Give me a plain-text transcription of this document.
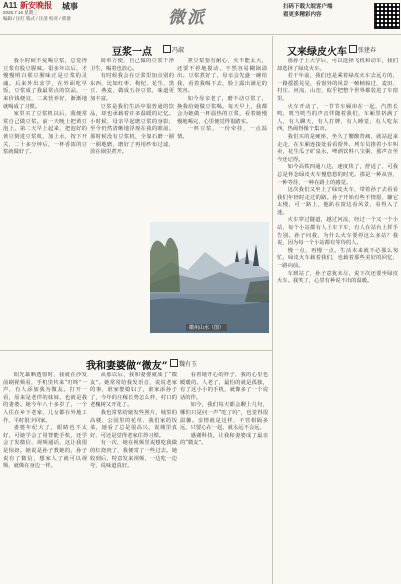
A11 新安晚报 城事
2025.7.16 星期三
编辑 / 汪红 版式 / 汪清 校对 / 邢倩	微派
扫码下载大皖客户端
看更多精彩内容
豆浆一点	冯淑

我小时候不爱喝豆浆，总觉得豆浆有股豆腥味。很多年以后，才慢慢明白那豆腥味正是豆浆的灵魂。后来外出求学，在外面吃早饭，豆浆成了我最常点的饮品，一来价钱便宜，二来营养好，渐渐地就喝成了习惯。

家里买了豆浆机以后，我便常常自己做豆浆。前一天晚上把黄豆泡上，第二天早上起来，把泡好的黄豆倒进豆浆机，加上水，按下开关，二十多分钟后，一杯香浓的豆浆就做好了。

简单方便，自己做的豆浆干净卫生，喝着也放心。

有时候我会在豆浆里加点别的东西，比如红枣、枸杞、花生、黑豆、燕麦，做成五谷豆浆，味道更加丰富。

豆浆是我们生活中很普通的饮品，却也承载着许多温暖的记忆。小时候，母亲早起磨豆浆的身影，至今仍然清晰地浮现在我的眼前。那时候没有豆浆机，全靠石磨一圈一圈地磨，磨好了再用纱布过滤，放在锅里煮开。

煮豆浆要有耐心，火不能太大，还要不停地搅动，不然容易糊锅溢出。豆浆煮好了，母亲会先盛一碗给我，看着我喝下去，脸上露出满足的笑容。

如今母亲老了，磨不动豆浆了，换我给她做豆浆喝。每天早上，我都会为她做一杯温热的豆浆，看着她慢慢地喝完，心里便觉得很踏实。

一杯豆浆，一份牵挂，一点温情。

徽州山水（图）
又来绿皮火车	张建春

那孙子上大学后，可以选择飞机和动车，我们却选择了绿皮火车。

若干年前，我们也是乘着绿皮火车去远方的，一路摇摇晃晃，看窗外的风景一帧帧掠过，麦田、村庄、河流、山峦，似乎把整个世界都装进了车窗里。

火车开动了，一节节车厢串在一起，汽笛长鸣，咣当咣当的声音伴随着我们，车厢里挤满了人，有人聊天，有人打牌，有人睡觉，有人吃东西，热闹得像个集市。

我们买的是硬座，坐久了腰酸背痛，就站起来走走，在车厢连接处看看窗外。列车员推着小车叫卖，花生瓜子矿泉水，啤酒饮料八宝粥，那声音至今还记得。

如今高铁四通八达，速度快了，舒适了，可我总是怀念绿皮火车慢悠悠的时光。那是一种从容，一种等待，一种在路上的感觉。

这次我们又坐上了绿皮火车，带着孙子去看看我们年轻时走过的路。孙子开始有些不情愿，嫌它太慢，可一路上，他趴在窗边看风景，看得入了迷。

火车穿过隧道，越过河流，经过一个又一个小站，每个小站都有人上车下车，有人在站台上挥手告别。孙子问我，为什么火车要停这么多站？我说，因为每一个小站都有等待的人。

慢一点，再慢一点，生活本来就不必那么匆忙。绿皮火车载着我们，也载着那些美好的回忆，一路向前。

车到站了，孙子意犹未尽，说下次还要坐绿皮火车。我笑了，心里有种说不出的温暖。

我和妻婆做“微友”	魏有玉

阳光暴晒透窗时，我就在沙发前刷视频看，手机里传来“叮咚”一声，有人添加我为微友。打开一看，原来是老伴的妹妹，也就是我的妻婆。她今年八十多岁了，一个人住在乡下老家，儿女都在外地工作，平时很少回家。

妻婆年纪大了，眼睛也不太好，可她学会了用智能手机，还学会了发微信、视频通话，这让我很是惊讶。她说是孙子教她的，孙子说有了微信，想家人了就可以视频，就像在身边一样。

从那以后，我和妻婆就成了“微友”。她常常给我发语音，说说老家的事，谁家娶媳妇了，谁家添孙子了，今年的庄稼长势怎么样，村口的老槐树又开花了。

我也常常给她发些照片，城里的高楼、公园里的花草、我们家的饭菜，她看了总是很高兴，说城里真好，可还是觉得老家住得习惯。

有一次，她在视频里说想吃我做的红烧肉了，我便寄了一些过去。她收到后，特意发来视频，一边吃一边夸，说味道真好。

看着她开心的样子，我的心里也暖暖的。人老了，最怕的就是孤独，有了这小小的手机，就像多了一个说话的伴。

如今，我们每天都会聊上几句，哪怕只是问一声“吃了吗”，也觉得很温馨。亲情就是这样，不管相隔多远，只要心在一起，就永远不会远。

感谢科技，让我和妻婆成了最亲的“微友”。
